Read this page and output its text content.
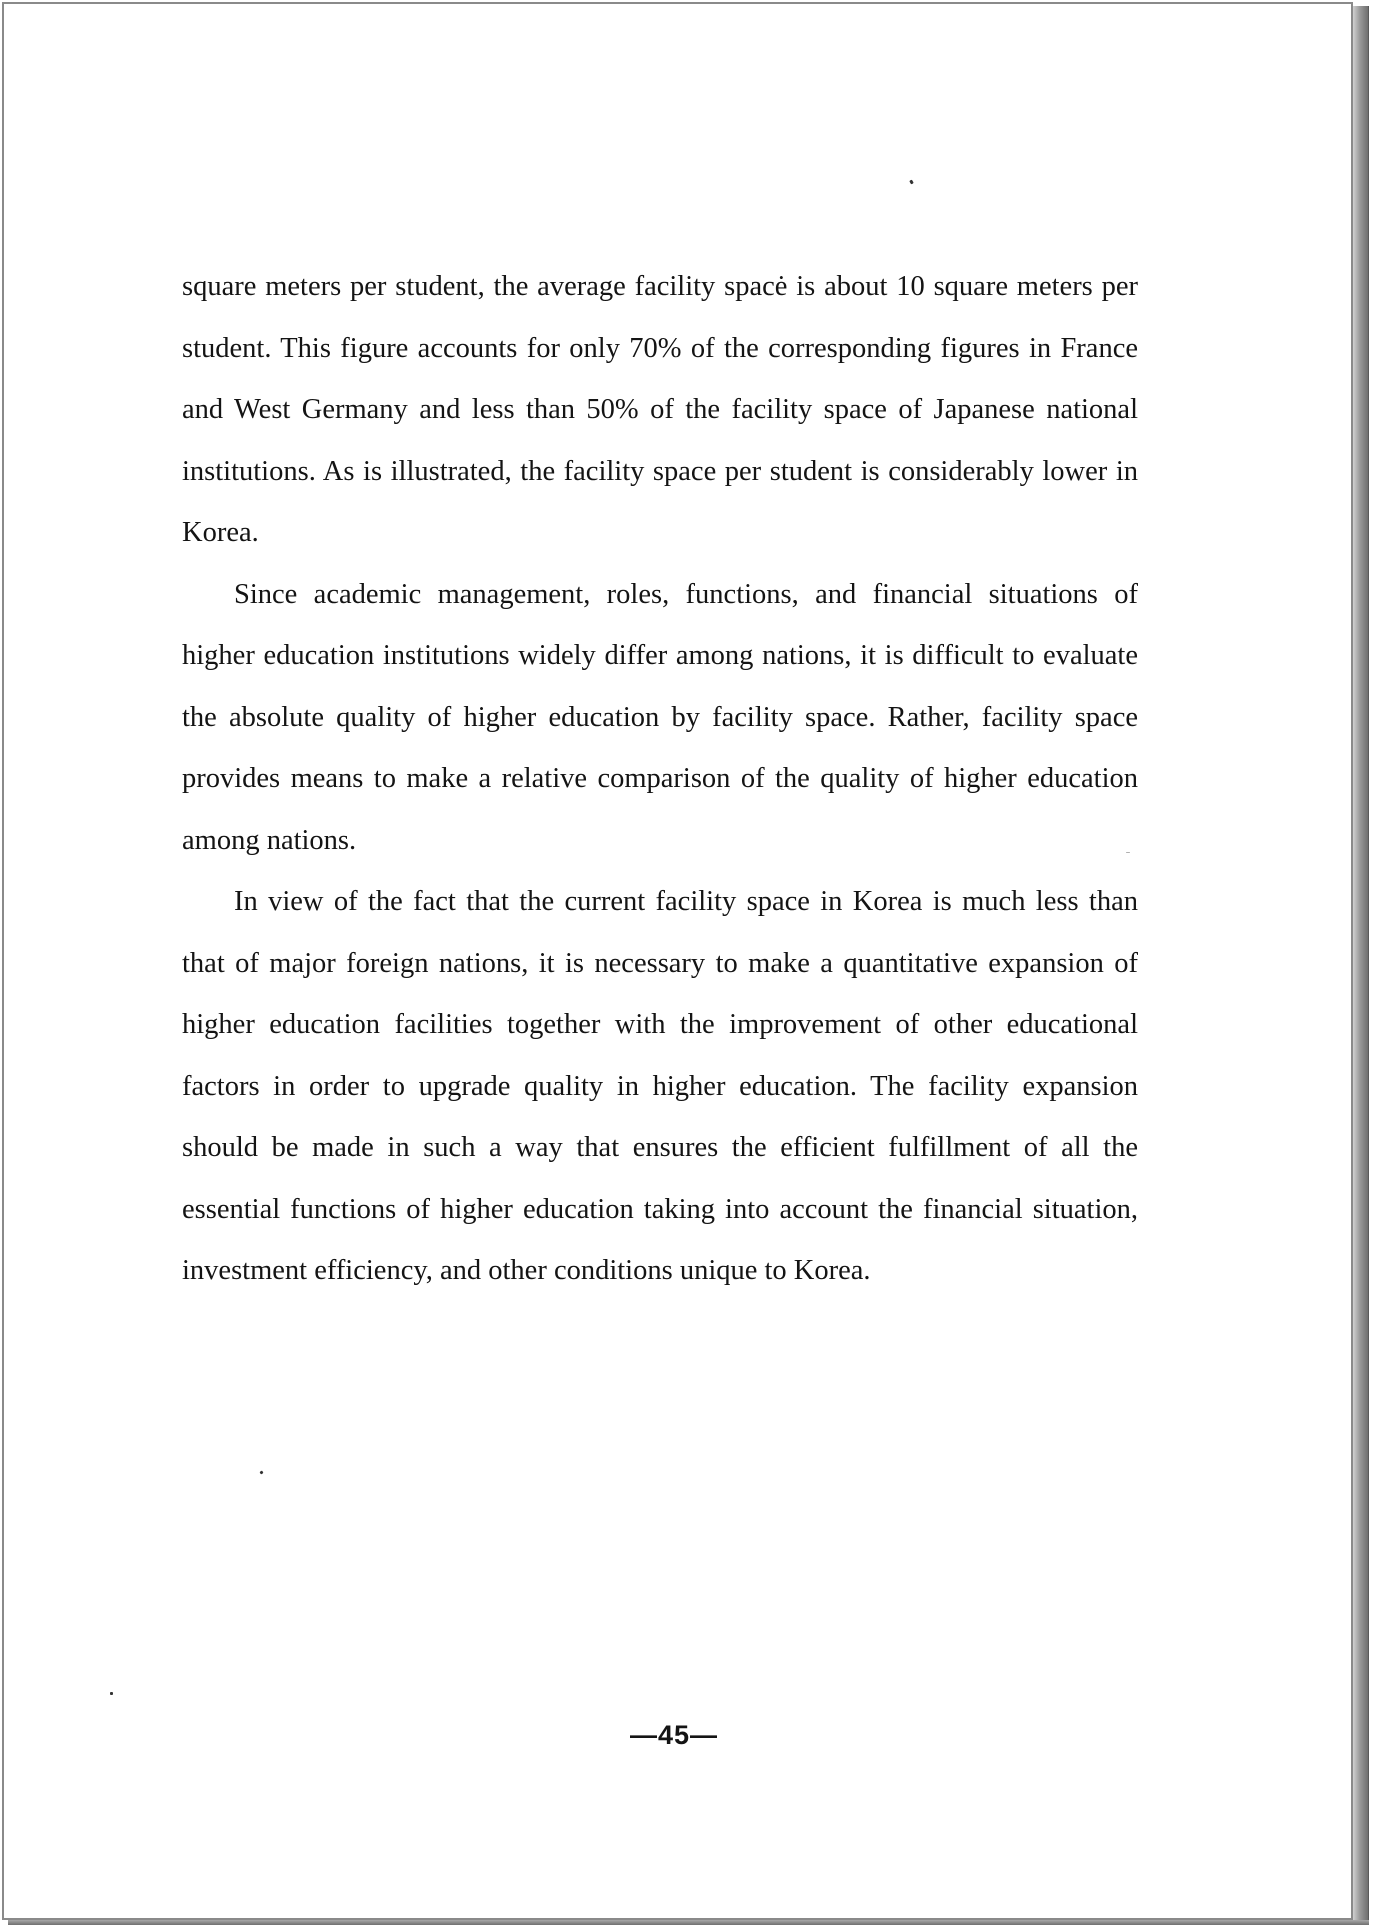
square meters per student, the average facility spacė is about 10 square meters per student. This figure accounts for only 70% of the corresponding figures in France and West Germany and less than 50% of the facility space of Japanese national institutions. As is illustrated, the facility space per student is considerably lower in Korea.

Since academic management, roles, functions, and financial situations of higher education institutions widely differ among nations, it is difficult to evaluate the absolute quality of higher education by facility space. Rather, facility space provides means to make a relative comparison of the quality of higher education among nations.

In view of the fact that the current facility space in Korea is much less than that of major foreign nations, it is necessary to make a quantitative expansion of higher education facilities together with the improvement of other educational factors in order to upgrade quality in higher education. The facility expansion should be made in such a way that ensures the efficient fulfillment of all the essential functions of higher education taking into account the financial situation, investment efficiency, and other conditions unique to Korea.

—45—
